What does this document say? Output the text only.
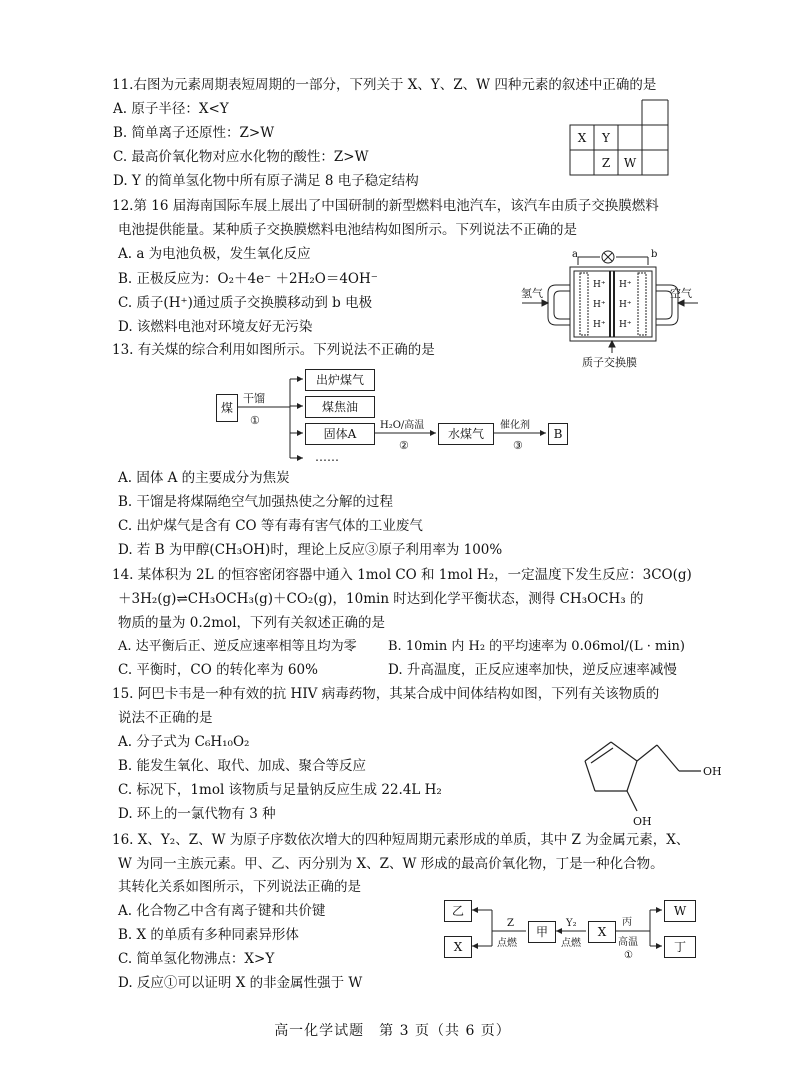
11.右图为元素周期表短周期的一部分，下列关于 X、Y、Z、W 四种元素的叙述中正确的是
A. 原子半径：X<Y
B. 简单离子还原性：Z>W
C. 最高价氧化物对应水化物的酸性：Z>W
D. Y 的简单氢化物中所有原子满足 8 电子稳定结构
X Y
Z W
12.第 16 届海南国际车展上展出了中国研制的新型燃料电池汽车，该汽车由质子交换膜燃料
电池提供能量。某种质子交换膜燃料电池结构如图所示。下列说法不正确的是
A. a 为电池负极，发生氧化反应
B. 正极反应为：O₂＋4e⁻ ＋2H₂O＝4OH⁻
C. 质子(H⁺)通过质子交换膜移动到 b 电极
D. 该燃料电池对环境友好无污染
a	b
氢气	空气
H⁺
H⁺
H⁺
H⁺
H⁺
H⁺
质子交换膜
13. 有关煤的综合利用如图所示。下列说法不正确的是
煤
出炉煤气
煤焦油
固体A
……
水煤气	B
干馏
①	H₂O/高温
②
催化剂
③
A. 固体 A 的主要成分为焦炭
B. 干馏是将煤隔绝空气加强热使之分解的过程
C. 出炉煤气是含有 CO 等有毒有害气体的工业废气
D. 若 B 为甲醇(CH₃OH)时，理论上反应③原子利用率为 100%
14. 某体积为 2L 的恒容密闭容器中通入 1mol CO 和 1mol H₂，一定温度下发生反应：3CO(g)
＋3H₂(g)⇌CH₃OCH₃(g)＋CO₂(g)，10min 时达到化学平衡状态，测得 CH₃OCH₃ 的
物质的量为 0.2mol，下列有关叙述正确的是
A. 达平衡后正、逆反应速率相等且均为零 B. 10min 内 H₂ 的平均速率为 0.06mol/(L · min)
C. 平衡时，CO 的转化率为 60%	D. 升高温度，正反应速率加快，逆反应速率减慢
15. 阿巴卡韦是一种有效的抗 HIV 病毒药物，其某合成中间体结构如图，下列有关该物质的
说法不正确的是
A. 分子式为 C₆H₁₀O₂
B. 能发生氧化、取代、加成、聚合等反应
C. 标况下，1mol 该物质与足量钠反应生成 22.4L H₂
D. 环上的一氯代物有 3 种
OH
OH
16. X、Y₂、Z、W 为原子序数依次增大的四种短周期元素形成的单质，其中 Z 为金属元素，X、
W 为同一主族元素。甲、乙、丙分别为 X、Z、W 形成的最高价氧化物，丁是一种化合物。
其转化关系如图所示，下列说法正确的是
A. 化合物乙中含有离子键和共价键
B. X 的单质有多种同素异形体
C. 简单氢化物沸点：X>Y
D. 反应①可以证明 X 的非金属性强于 W
乙
X
甲	X
W
丁
Z
点燃
Y₂
点燃
丙
高温
①
高一化学试题　第 3 页（共 6 页）
